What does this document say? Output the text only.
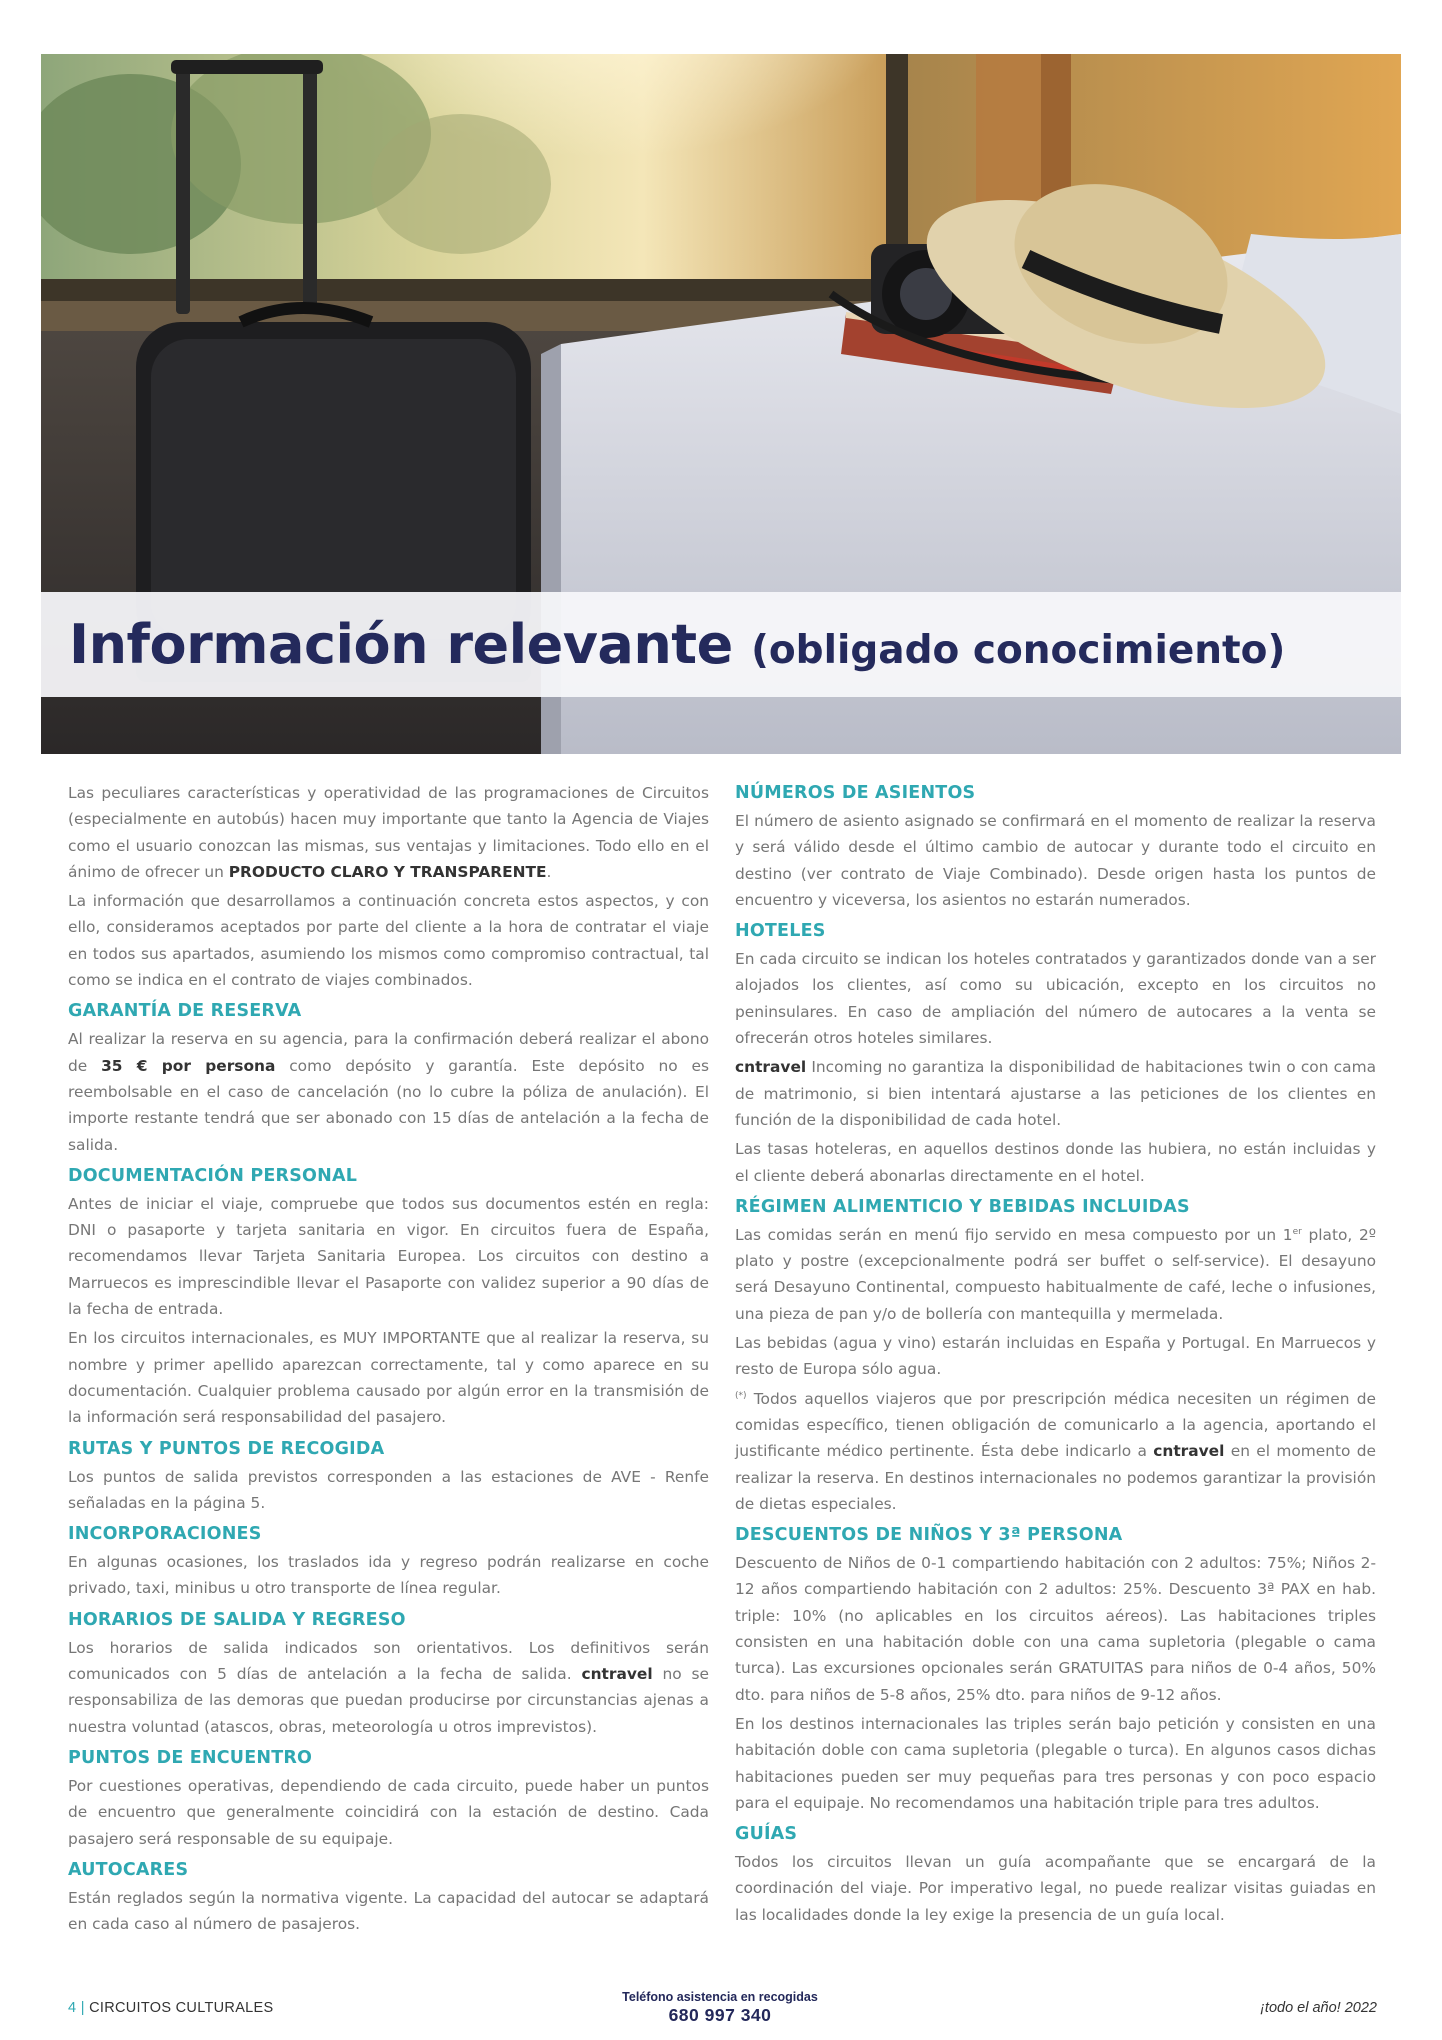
Información relevante (obligado conocimiento)

Las peculiares características y operatividad de las programaciones de Circuitos (especialmente en autobús) hacen muy importante que tanto la Agencia de Viajes como el usuario conozcan las mismas, sus ventajas y limitaciones. Todo ello en el ánimo de ofrecer un PRODUCTO CLARO Y TRANSPARENTE.

La información que desarrollamos a continuación concreta estos aspectos, y con ello, consideramos aceptados por parte del cliente a la hora de contratar el viaje en todos sus apartados, asumiendo los mismos como compromiso contractual, tal como se indica en el contrato de viajes combinados.

GARANTÍA DE RESERVA

Al realizar la reserva en su agencia, para la confirmación deberá realizar el abono de 35 € por persona como depósito y garantía. Este depósito no es reembolsable en el caso de cancelación (no lo cubre la póliza de anulación). El importe restante tendrá que ser abonado con 15 días de antelación a la fecha de salida.

DOCUMENTACIÓN PERSONAL

Antes de iniciar el viaje, compruebe que todos sus documentos estén en regla: DNI o pasaporte y tarjeta sanitaria en vigor. En circuitos fuera de España, recomendamos llevar Tarjeta Sanitaria Europea. Los circuitos con destino a Marruecos es imprescindible llevar el Pasaporte con validez superior a 90 días de la fecha de entrada.

En los circuitos internacionales, es MUY IMPORTANTE que al realizar la reserva, su nombre y primer apellido aparezcan correctamente, tal y como aparece en su documentación. Cualquier problema causado por algún error en la transmisión de la información será responsabilidad del pasajero.

RUTAS Y PUNTOS DE RECOGIDA

Los puntos de salida previstos corresponden a las estaciones de AVE - Renfe señaladas en la página 5.

INCORPORACIONES

En algunas ocasiones, los traslados ida y regreso podrán realizarse en coche privado, taxi, minibus u otro transporte de línea regular.

HORARIOS DE SALIDA Y REGRESO

Los horarios de salida indicados son orientativos. Los definitivos serán comunicados con 5 días de antelación a la fecha de salida. cntravel no se responsabiliza de las demoras que puedan producirse por circunstancias ajenas a nuestra voluntad (atascos, obras, meteorología u otros imprevistos).

PUNTOS DE ENCUENTRO

Por cuestiones operativas, dependiendo de cada circuito, puede haber un puntos de encuentro que generalmente coincidirá con la estación de destino. Cada pasajero será responsable de su equipaje.

AUTOCARES

Están reglados según la normativa vigente. La capacidad del autocar se adaptará en cada caso al número de pasajeros.

NÚMEROS DE ASIENTOS

El número de asiento asignado se confirmará en el momento de realizar la reserva y será válido desde el último cambio de autocar y durante todo el circuito en destino (ver contrato de Viaje Combinado). Desde origen hasta los puntos de encuentro y viceversa, los asientos no estarán numerados.

HOTELES

En cada circuito se indican los hoteles contratados y garantizados donde van a ser alojados los clientes, así como su ubicación, excepto en los circuitos no peninsulares. En caso de ampliación del número de autocares a la venta se ofrecerán otros hoteles similares.

cntravel Incoming no garantiza la disponibilidad de habitaciones twin o con cama de matrimonio, si bien intentará ajustarse a las peticiones de los clientes en función de la disponibilidad de cada hotel.

Las tasas hoteleras, en aquellos destinos donde las hubiera, no están incluidas y el cliente deberá abonarlas directamente en el hotel.

RÉGIMEN ALIMENTICIO Y BEBIDAS INCLUIDAS

Las comidas serán en menú fijo servido en mesa compuesto por un 1er plato, 2º plato y postre (excepcionalmente podrá ser buffet o self-service). El desayuno será Desayuno Continental, compuesto habitualmente de café, leche o infusiones, una pieza de pan y/o de bollería con mantequilla y mermelada.

Las bebidas (agua y vino) estarán incluidas en España y Portugal. En Marruecos y resto de Europa sólo agua.

(*) Todos aquellos viajeros que por prescripción médica necesiten un régimen de comidas específico, tienen obligación de comunicarlo a la agencia, aportando el justificante médico pertinente. Ésta debe indicarlo a cntravel en el momento de realizar la reserva. En destinos internacionales no podemos garantizar la provisión de dietas especiales.

DESCUENTOS DE NIÑOS Y 3ª PERSONA

Descuento de Niños de 0-1 compartiendo habitación con 2 adultos: 75%; Niños 2-12 años compartiendo habitación con 2 adultos: 25%. Descuento 3ª PAX en hab. triple: 10% (no aplicables en los circuitos aéreos). Las habitaciones triples consisten en una habitación doble con una cama supletoria (plegable o cama turca). Las excursiones opcionales serán GRATUITAS para niños de 0-4 años, 50% dto. para niños de 5-8 años, 25% dto. para niños de 9-12 años.

En los destinos internacionales las triples serán bajo petición y consisten en una habitación doble con cama supletoria (plegable o turca). En algunos casos dichas habitaciones pueden ser muy pequeñas para tres personas y con poco espacio para el equipaje. No recomendamos una habitación triple para tres adultos.

GUÍAS

Todos los circuitos llevan un guía acompañante que se encargará de la coordinación del viaje. Por imperativo legal, no puede realizar visitas guiadas en las localidades donde la ley exige la presencia de un guía local.

4 | CIRCUITOS CULTURALES
Teléfono asistencia en recogidas
680 997 340	¡todo el año! 2022
